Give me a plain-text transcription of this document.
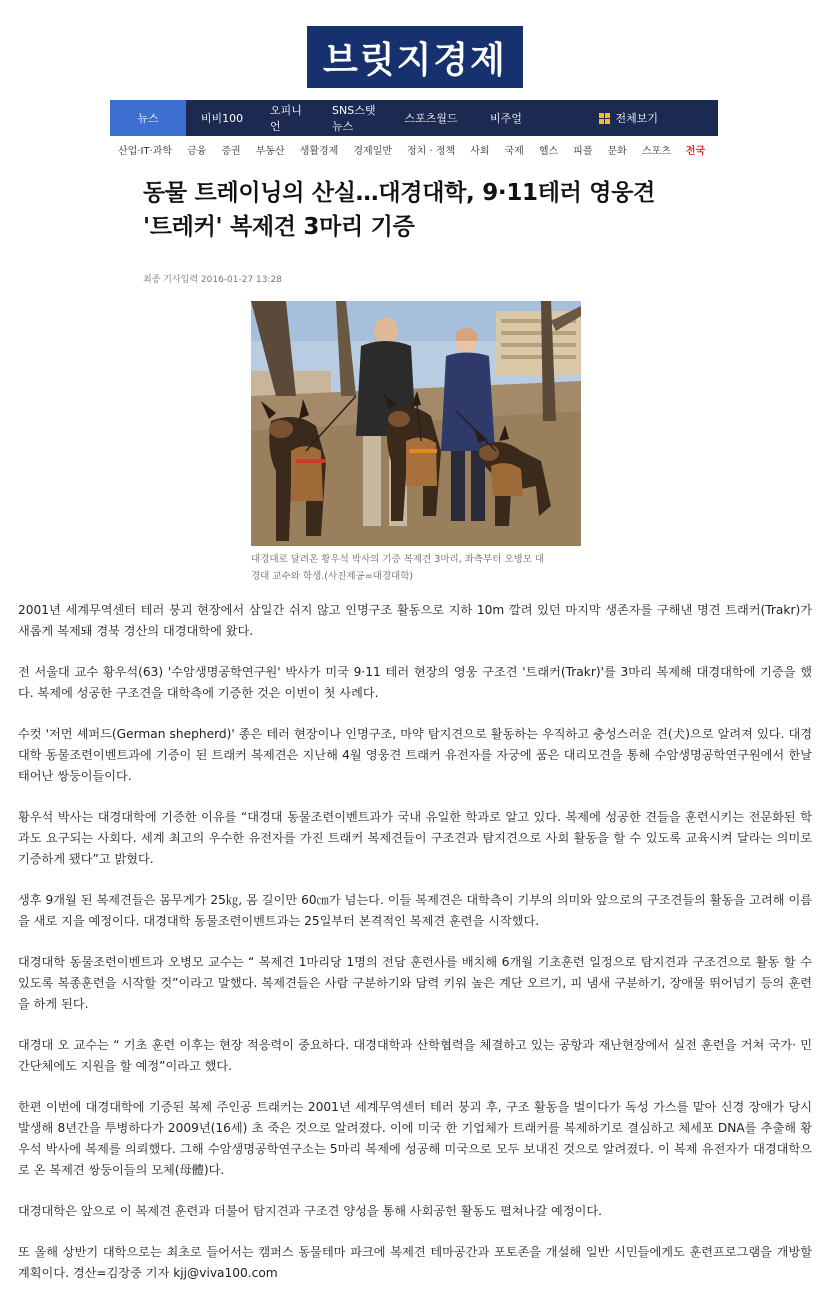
브릿지경제
뉴스	비비100
오피니언
SNS스탯뉴스
스포츠월드	비주얼	전체보기
산업·IT·과학	금융	증권	부동산	생활경제	경제일반	정치 · 정책	사회	국제	헬스	피플	문화	스포츠	전국
동물 트레이닝의 산실…대경대학, 9·11테러 영웅견
'트레커' 복제견 3마리 기증
최종 기사입력 2016-01-27 13:28
대경대로 달려온 황우석 박사의 기증 복제견 3마리, 좌측부터 오병모 대
경대 교수와 학생.(사진제공=대경대학)

2001년 세계무역센터 테러 붕괴 현장에서 삼일간 쉬지 않고 인명구조 활동으로 지하 10m 깔려 있던 마지막 생존자를 구해낸 명견 트래커(Trakr)가 새롭게 복제돼 경북 경산의 대경대학에 왔다.

전 서울대 교수 황우석(63) '수암생명공학연구원' 박사가 미국 9·11 테러 현장의 영웅 구조견 '트래커(Trakr)'를 3마리 복제해 대경대학에 기증을 했다. 복제에 성공한 구조견을 대학측에 기증한 것은 이번이 첫 사례다.

수컷 '저먼 셰퍼드(German shepherd)' 종은 테러 현장이나 인명구조, 마약 탐지견으로 활동하는 우직하고 충성스러운 견(犬)으로 알려져 있다. 대경대학 동물조련이벤트과에 기증이 된 트래커 복제견은 지난해 4월 영웅견 트래커 유전자를 자궁에 품은 대리모견을 통해 수암생명공학연구원에서 한날 태어난 쌍둥이들이다.

황우석 박사는 대경대학에 기증한 이유를 “대경대 동물조련이벤트과가 국내 유일한 학과로 알고 있다. 복제에 성공한 견들을 훈련시키는 전문화된 학과도 요구되는 사회다. 세계 최고의 우수한 유전자를 가진 트래커 복제견들이 구조견과 탐지견으로 사회 활동을 할 수 있도록 교육시켜 달라는 의미로 기증하게 됐다”고 밝혔다.

생후 9개월 된 복제견들은 몸무게가 25㎏, 몸 길이만 60㎝가 넘는다. 이들 복제견은 대학측이 기부의 의미와 앞으로의 구조견들의 활동을 고려해 이름을 새로 지을 예정이다. 대경대학 동물조련이벤트과는 25일부터 본격적인 복제견 훈련을 시작했다.

대경대학 동물조련이벤트과 오병모 교수는 “ 복제견 1마리당 1명의 전담 훈련사를 배치해 6개월 기초훈련 일정으로 탐지견과 구조견으로 활동 할 수 있도록 복종훈련을 시작할 것”이라고 말했다. 복제견들은 사람 구분하기와 담력 키워 높은 계단 오르기, 피 냄새 구분하기, 장애물 뛰어넘기 등의 훈련을 하게 된다.

대경대 오 교수는 “ 기초 훈련 이후는 현장 적응력이 중요하다. 대경대학과 산학협력을 체결하고 있는 공항과 재난현장에서 실전 훈련을 거쳐 국가· 민간단체에도 지원을 할 예정”이라고 했다.

한편 이번에 대경대학에 기증된 복제 주인공 트래커는 2001년 세계무역센터 테러 붕괴 후, 구조 활동을 벌이다가 독성 가스를 맡아 신경 장애가 당시 발생해 8년간을 투병하다가 2009년(16세) 초 죽은 것으로 알려졌다. 이에 미국 한 기업체가 트래커를 복제하기로 결심하고 체세포 DNA를 추출해 황우석 박사에 복제를 의뢰했다. 그해 수암생명공학연구소는 5마리 복제에 성공해 미국으로 모두 보내진 것으로 알려졌다. 이 복제 유전자가 대경대학으로 온 복제견 쌍둥이들의 모체(母體)다.

대경대학은 앞으로 이 복제견 훈련과 더불어 탐지견과 구조견 양성을 통해 사회공헌 활동도 펼쳐나갈 예정이다.

또 올해 상반기 대학으로는 최초로 들어서는 캠퍼스 동물테마 파크에 복제견 테마공간과 포토존을 개설해 일반 시민들에게도 훈련프로그램을 개방할 계획이다. 경산=김장중 기자 kjj@viva100.com
